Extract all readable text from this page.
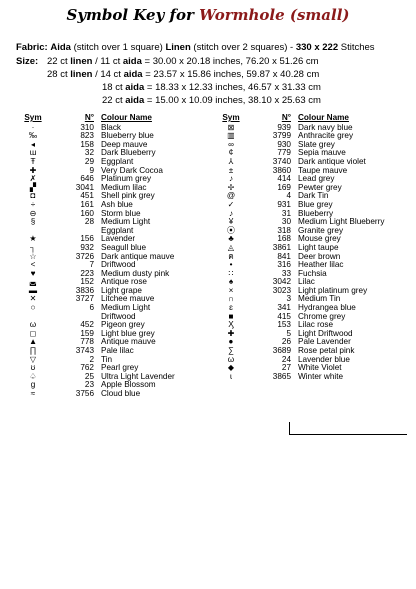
Symbol Key for Wormhole (small)
Fabric: Aida (stitch over 1 square) Linen (stitch over 2 squares) - 330 x 222 Stitches
Size: 22 ct linen / 11 ct aida = 30.00 x 20.18 inches, 76.20 x 51.26 cm
28 ct linen / 14 ct aida = 23.57 x 15.86 inches, 59.87 x 40.28 cm
18 ct aida = 18.33 x 12.33 inches, 46.57 x 31.33 cm
22 ct aida = 15.00 x 10.09 inches, 38.10 x 25.63 cm
Sym	N° Colour Name
·	310 Black
‰	823 Blueberry blue
◂	158 Deep mauve
ɯ	32 Dark Blueberry
Ŧ	29 Eggplant
✚	9 Very Dark Cocoa
✗	646 Platinum grey
▞	3041 Medium lilac
◘	451 Shell pink grey
÷	161 Ash blue
⊖	160 Storm blue
§	28 Medium Light
Eggplant
★	156 Lavender
┐	932 Seagull blue
☆	3726 Dark antique mauve
<	7 Driftwood
♥	223 Medium dusty pink
◛	152 Antique rose
▬	3836 Light grape
✕	3727 Litchee mauve
○	6 Medium Light
Driftwood
ω	452 Pigeon grey
◻	159 Light blue grey
▲	778 Antique mauve
∏	3743 Pale lilac
▽	2 Tin
ʊ	762 Pearl grey
♤	25 Ultra Light Lavender
g	23 Apple Blossom
≈	3756 Cloud blue
Sym	N° Colour Name
⊠	939 Dark navy blue
▥	3799 Anthracite grey
∞	930 Slate grey
¢	779 Sepia mauve
⅄	3740 Dark antique violet
±	3860 Taupe mauve
♪	414 Lead grey
✢	169 Pewter grey
@	4 Dark Tin
✓	931 Blue grey
♪	31 Blueberry
¥	30 Medium Light Blueberry
⦿	318 Granite grey
♣	168 Mouse grey
◬	3861 Light taupe
ค	841 Deer brown
•	316 Heather lilac
∷	33 Fuchsia
♠	3042 Lilac
×	3023 Light platinum grey
∩	3 Medium Tin
ɛ	341 Hydrangea blue
■	415 Chrome grey
Ӽ	153 Lilac rose
✚	5 Light Driftwood
●	26 Pale Lavender
∑	3689 Rose petal pink
ω	24 Lavender blue
◆	27 White Violet
ɩ	3865 Winter white
